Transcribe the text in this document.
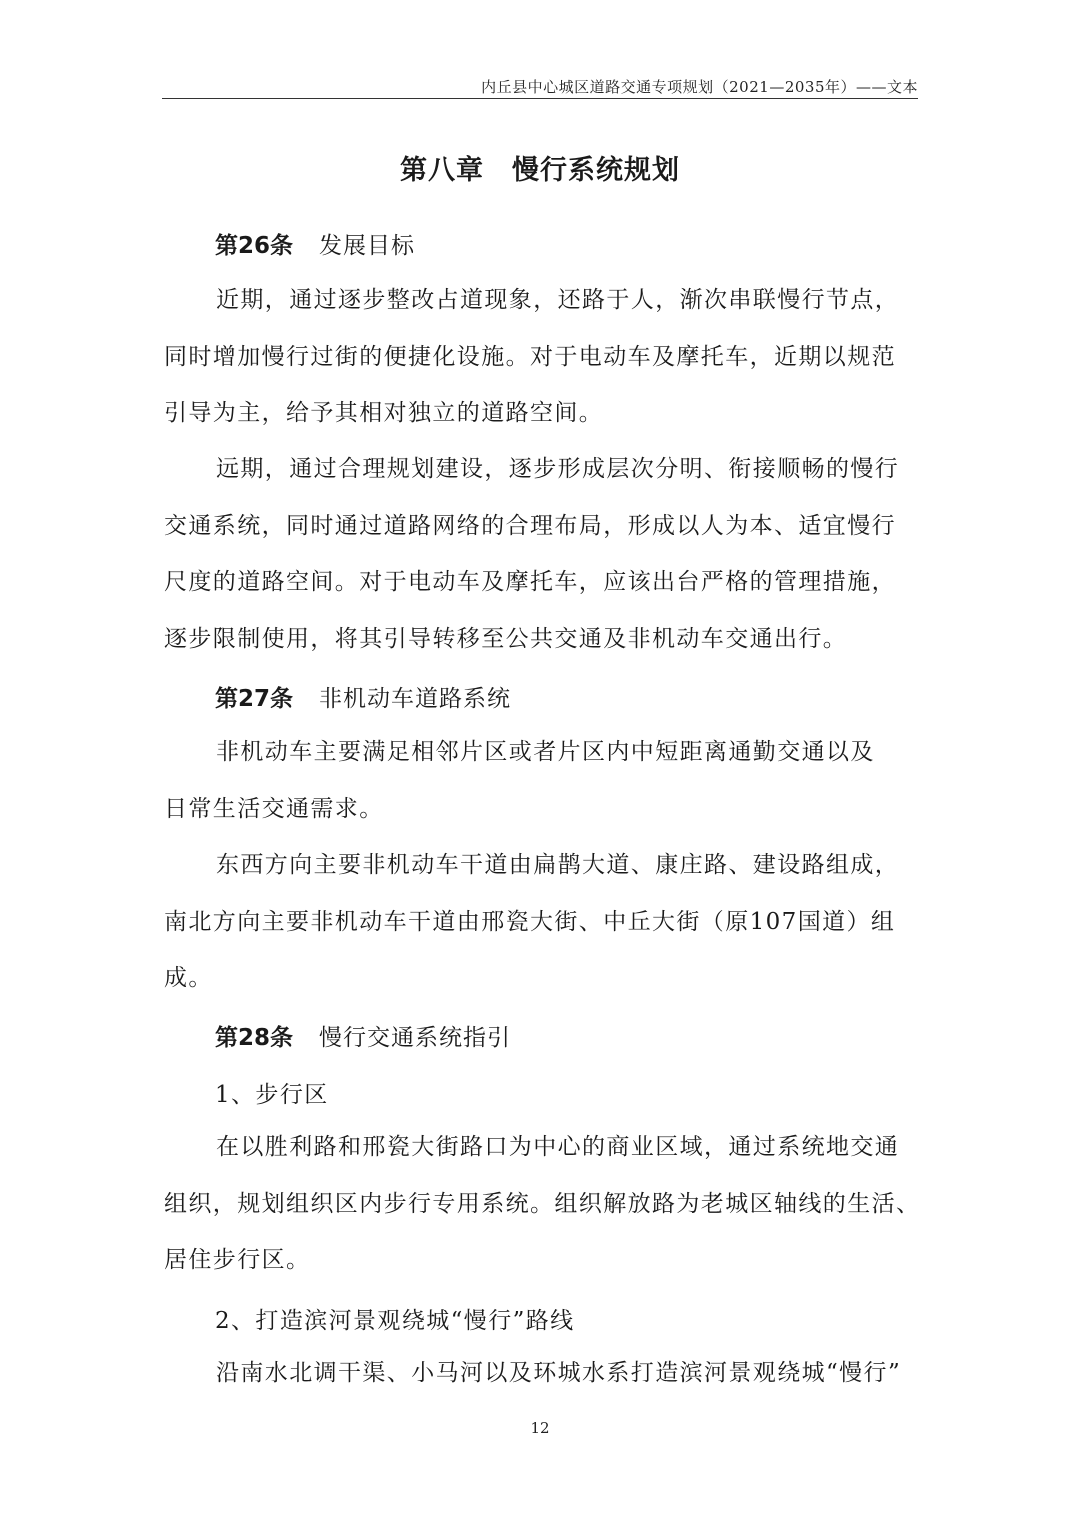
内丘县中心城区道路交通专项规划（2021—2035年）——文本
第八章　慢行系统规划
第26条 发展目标
近期，通过逐步整改占道现象，还路于人，渐次串联慢行节点，
同时增加慢行过街的便捷化设施。对于电动车及摩托车，近期以规范
引导为主，给予其相对独立的道路空间。
远期，通过合理规划建设，逐步形成层次分明、衔接顺畅的慢行
交通系统，同时通过道路网络的合理布局，形成以人为本、适宜慢行
尺度的道路空间。对于电动车及摩托车，应该出台严格的管理措施，
逐步限制使用，将其引导转移至公共交通及非机动车交通出行。
第27条 非机动车道路系统
非机动车主要满足相邻片区或者片区内中短距离通勤交通以及
日常生活交通需求。
东西方向主要非机动车干道由扁鹊大道、康庄路、建设路组成，
南北方向主要非机动车干道由邢瓷大街、中丘大街（原107国道）组
成。
第28条 慢行交通系统指引
1、步行区
在以胜利路和邢瓷大街路口为中心的商业区域，通过系统地交通
组织，规划组织区内步行专用系统。组织解放路为老城区轴线的生活、
居住步行区。
2、打造滨河景观绕城“慢行”路线
沿南水北调干渠、小马河以及环城水系打造滨河景观绕城“慢行”
12
